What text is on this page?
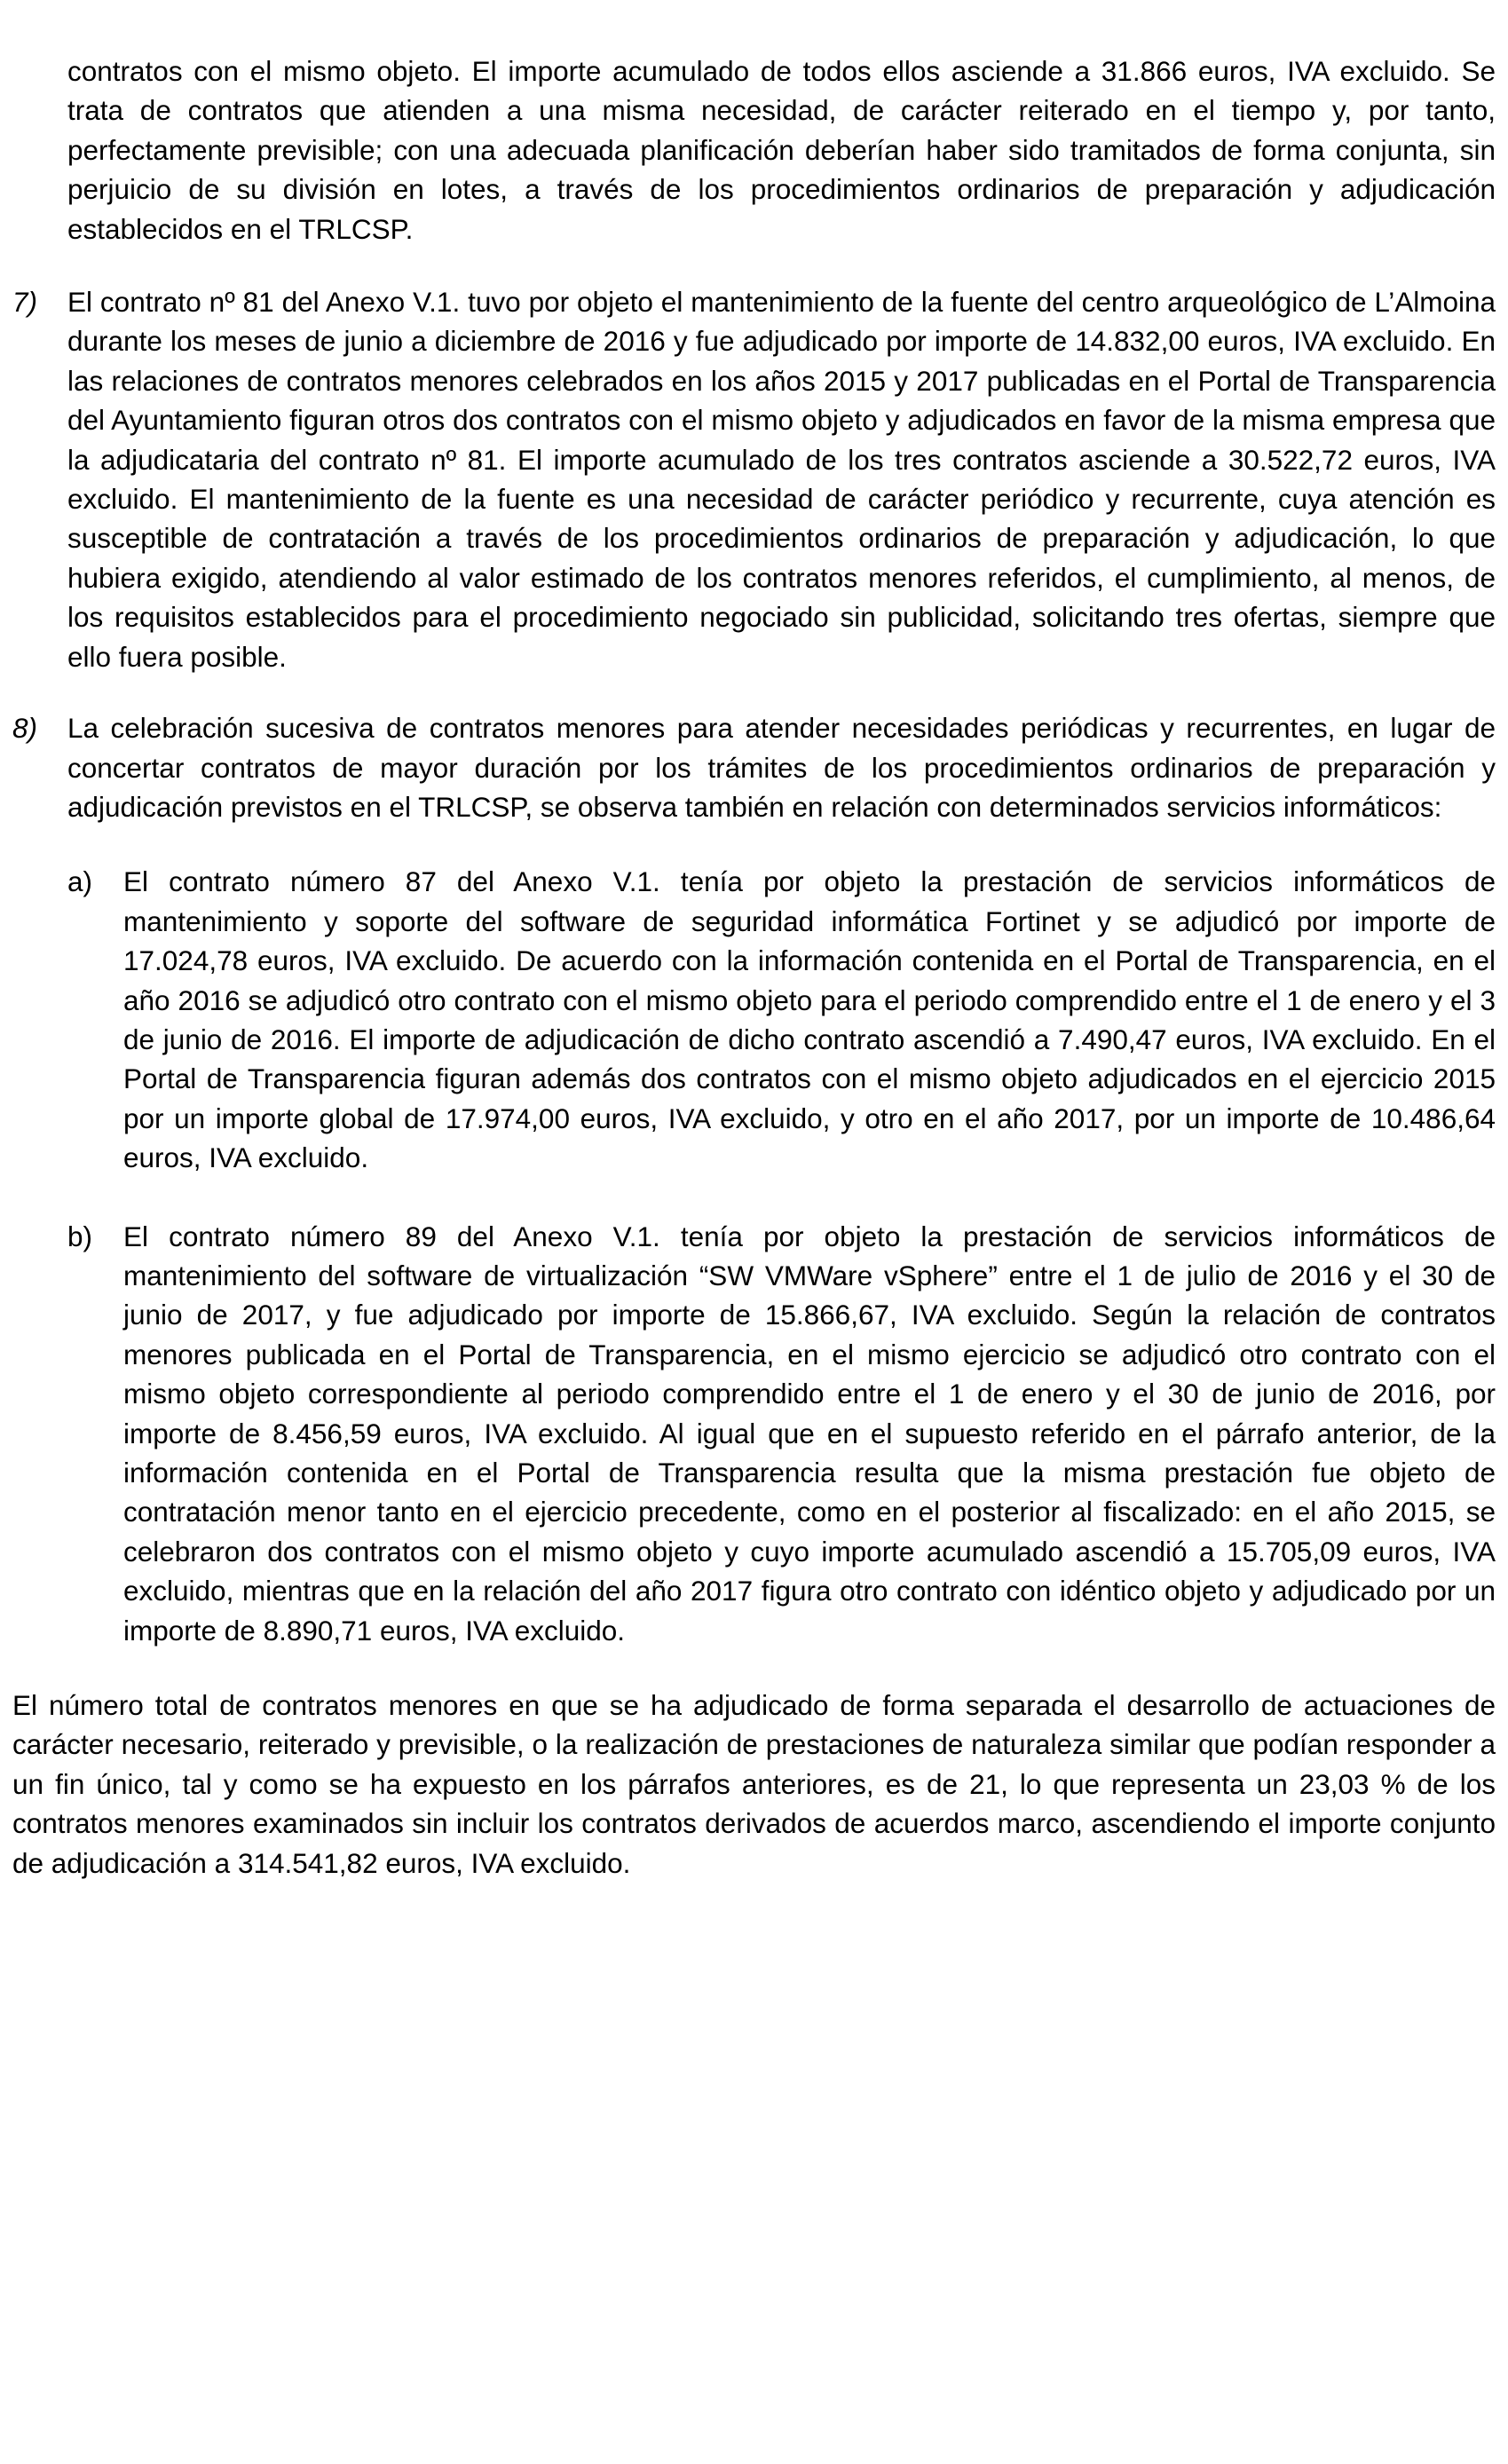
contratos con el mismo objeto. El importe acumulado de todos ellos asciende a 31.866 euros, IVA excluido. Se trata de contratos que atienden a una misma necesidad, de carácter reiterado en el tiempo y, por tanto, perfectamente previsible; con una adecuada planificación deberían haber sido tramitados de forma conjunta, sin perjuicio de su división en lotes, a través de los procedimientos ordinarios de preparación y adjudicación establecidos en el TRLCSP.

7) El contrato nº 81 del Anexo V.1. tuvo por objeto el mantenimiento de la fuente del centro arqueológico de L’Almoina durante los meses de junio a diciembre de 2016 y fue adjudicado por importe de 14.832,00 euros, IVA excluido. En las relaciones de contratos menores celebrados en los años 2015 y 2017 publicadas en el Portal de Transparencia del Ayuntamiento figuran otros dos contratos con el mismo objeto y adjudicados en favor de la misma empresa que la adjudicataria del contrato nº 81. El importe acumulado de los tres contratos asciende a 30.522,72 euros, IVA excluido. El mantenimiento de la fuente es una necesidad de carácter periódico y recurrente, cuya atención es susceptible de contratación a través de los procedimientos ordinarios de preparación y adjudicación, lo que hubiera exigido, atendiendo al valor estimado de los contratos menores referidos, el cumplimiento, al menos, de los requisitos establecidos para el procedimiento negociado sin publicidad, solicitando tres ofertas, siempre que ello fuera posible.

8) La celebración sucesiva de contratos menores para atender necesidades periódicas y recurrentes, en lugar de concertar contratos de mayor duración por los trámites de los procedimientos ordinarios de preparación y adjudicación previstos en el TRLCSP, se observa también en relación con determinados servicios informáticos:

a) El contrato número 87 del Anexo V.1. tenía por objeto la prestación de servicios informáticos de mantenimiento y soporte del software de seguridad informática Fortinet y se adjudicó por importe de 17.024,78 euros, IVA excluido. De acuerdo con la información contenida en el Portal de Transparencia, en el año 2016 se adjudicó otro contrato con el mismo objeto para el periodo comprendido entre el 1 de enero y el 3 de junio de 2016. El importe de adjudicación de dicho contrato ascendió a 7.490,47 euros, IVA excluido. En el Portal de Transparencia figuran además dos contratos con el mismo objeto adjudicados en el ejercicio 2015 por un importe global de 17.974,00 euros, IVA excluido, y otro en el año 2017, por un importe de 10.486,64 euros, IVA excluido.

b) El contrato número 89 del Anexo V.1. tenía por objeto la prestación de servicios informáticos de mantenimiento del software de virtualización “SW VMWare vSphere” entre el 1 de julio de 2016 y el 30 de junio de 2017, y fue adjudicado por importe de 15.866,67, IVA excluido. Según la relación de contratos menores publicada en el Portal de Transparencia, en el mismo ejercicio se adjudicó otro contrato con el mismo objeto correspondiente al periodo comprendido entre el 1 de enero y el 30 de junio de 2016, por importe de 8.456,59 euros, IVA excluido. Al igual que en el supuesto referido en el párrafo anterior, de la información contenida en el Portal de Transparencia resulta que la misma prestación fue objeto de contratación menor tanto en el ejercicio precedente, como en el posterior al fiscalizado: en el año 2015, se celebraron dos contratos con el mismo objeto y cuyo importe acumulado ascendió a 15.705,09 euros, IVA excluido, mientras que en la relación del año 2017 figura otro contrato con idéntico objeto y adjudicado por un importe de 8.890,71 euros, IVA excluido.

El número total de contratos menores en que se ha adjudicado de forma separada el desarrollo de actuaciones de carácter necesario, reiterado y previsible, o la realización de prestaciones de naturaleza similar que podían responder a un fin único, tal y como se ha expuesto en los párrafos anteriores, es de 21, lo que representa un 23,03 % de los contratos menores examinados sin incluir los contratos derivados de acuerdos marco, ascendiendo el importe conjunto de adjudicación a 314.541,82 euros, IVA excluido.
